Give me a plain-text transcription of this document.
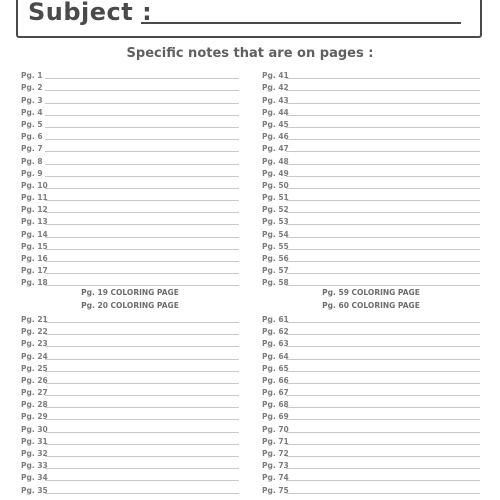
Subject :
Specific notes that are on pages :
Pg. 1
Pg. 2
Pg. 3
Pg. 4
Pg. 5
Pg. 6
Pg. 7
Pg. 8
Pg. 9
Pg. 10
Pg. 11
Pg. 12
Pg. 13
Pg. 14
Pg. 15
Pg. 16
Pg. 17
Pg. 18
Pg. 19 COLORING PAGE
Pg. 20 COLORING PAGE
Pg. 21
Pg. 22
Pg. 23
Pg. 24
Pg. 25
Pg. 26
Pg. 27
Pg. 28
Pg. 29
Pg. 30
Pg. 31
Pg. 32
Pg. 33
Pg. 34
Pg. 35
Pg. 41
Pg. 42
Pg. 43
Pg. 44
Pg. 45
Pg. 46
Pg. 47
Pg. 48
Pg. 49
Pg. 50
Pg. 51
Pg. 52
Pg. 53
Pg. 54
Pg. 55
Pg. 56
Pg. 57
Pg. 58
Pg. 59 COLORING PAGE
Pg. 60 COLORING PAGE
Pg. 61
Pg. 62
Pg. 63
Pg. 64
Pg. 65
Pg. 66
Pg. 67
Pg. 68
Pg. 69
Pg. 70
Pg. 71
Pg. 72
Pg. 73
Pg. 74
Pg. 75
